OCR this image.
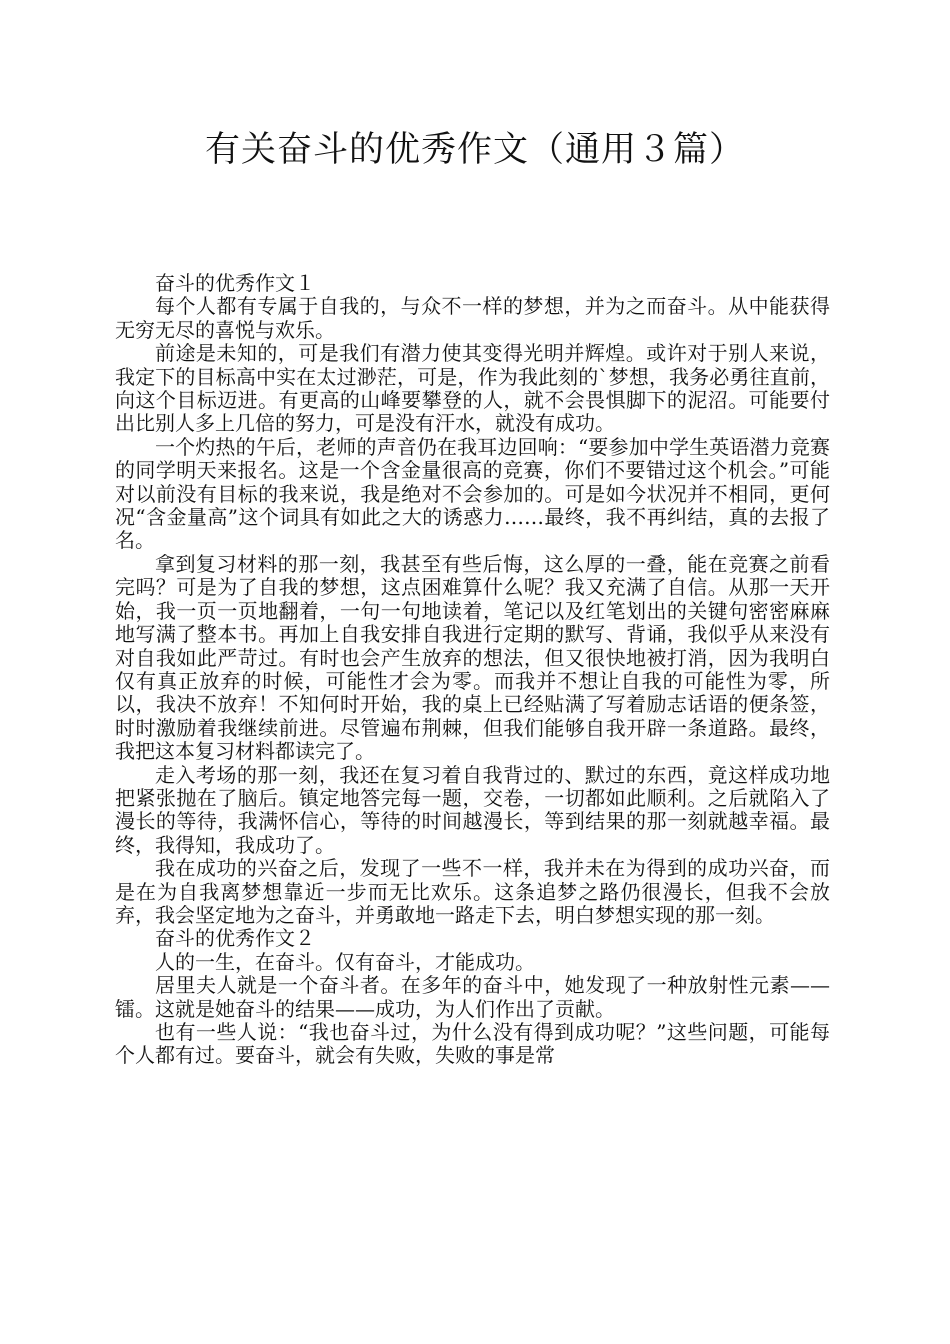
有关奋斗的优秀作文（通用３篇）

奋斗的优秀作文１

每个人都有专属于自我的，与众不一样的梦想，并为之而奋斗。从中能获得无穷无尽的喜悦与欢乐。

前途是未知的，可是我们有潜力使其变得光明并辉煌。或许对于别人来说，我定下的目标高中实在太过渺茫，可是，作为我此刻的`梦想，我务必勇往直前，向这个目标迈进。有更高的山峰要攀登的人，就不会畏惧脚下的泥沼。可能要付出比别人多上几倍的努力，可是没有汗水，就没有成功。

一个灼热的午后，老师的声音仍在我耳边回响：“要参加中学生英语潜力竞赛的同学明天来报名。这是一个含金量很高的竞赛，你们不要错过这个机会。”可能对以前没有目标的我来说，我是绝对不会参加的。可是如今状况并不相同，更何况“含金量高”这个词具有如此之大的诱惑力……最终，我不再纠结，真的去报了名。

拿到复习材料的那一刻，我甚至有些后悔，这么厚的一叠，能在竞赛之前看完吗？可是为了自我的梦想，这点困难算什么呢？我又充满了自信。从那一天开始，我一页一页地翻着，一句一句地读着，笔记以及红笔划出的关键句密密麻麻地写满了整本书。再加上自我安排自我进行定期的默写、背诵，我似乎从来没有对自我如此严苛过。有时也会产生放弃的想法，但又很快地被打消，因为我明白仅有真正放弃的时候，可能性才会为零。而我并不想让自我的可能性为零，所以，我决不放弃！不知何时开始，我的桌上已经贴满了写着励志话语的便条签，时时激励着我继续前进。尽管遍布荆棘，但我们能够自我开辟一条道路。最终，我把这本复习材料都读完了。

走入考场的那一刻，我还在复习着自我背过的、默过的东西，竟这样成功地把紧张抛在了脑后。镇定地答完每一题，交卷，一切都如此顺利。之后就陷入了漫长的等待，我满怀信心，等待的时间越漫长，等到结果的那一刻就越幸福。最终，我得知，我成功了。

我在成功的兴奋之后，发现了一些不一样，我并未在为得到的成功兴奋，而是在为自我离梦想靠近一步而无比欢乐。这条追梦之路仍很漫长，但我不会放弃，我会坚定地为之奋斗，并勇敢地一路走下去，明白梦想实现的那一刻。

奋斗的优秀作文２

人的一生，在奋斗。仅有奋斗，才能成功。

居里夫人就是一个奋斗者。在多年的奋斗中，她发现了一种放射性元素——镭。这就是她奋斗的结果——成功，为人们作出了贡献。

也有一些人说：“我也奋斗过，为什么没有得到成功呢？”这些问题，可能每个人都有过。要奋斗，就会有失败，失败的事是常
